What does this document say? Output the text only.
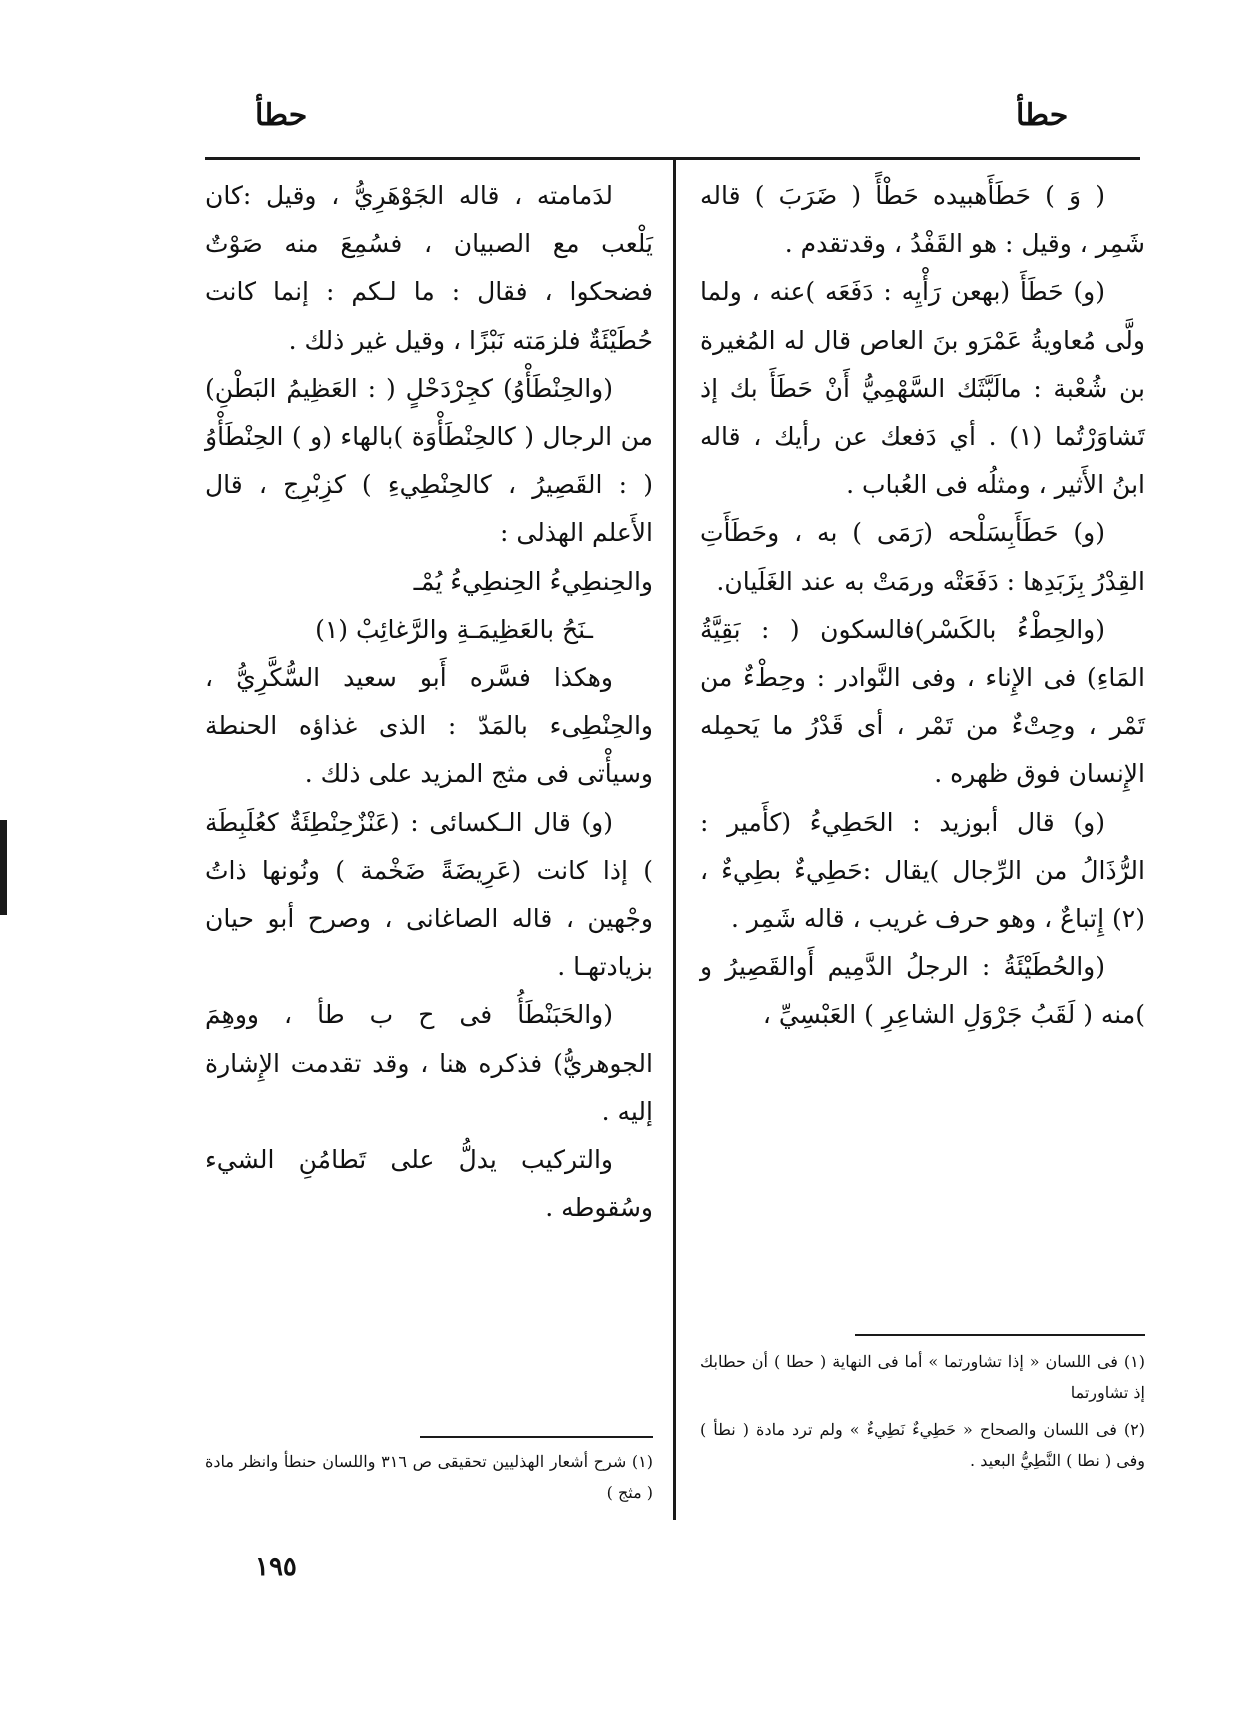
حطأ
حطأ

( وَ ) حَطَأَهبيده حَطْأً ( ضَرَبَ ) قاله شَمِر ، وقيل : هو القَفْدُ ، وقدتقدم .

(و) حَطَأَ (بهعن رَأْيِه : دَفَعَه )عنه ، ولما ولَّى مُعاويةُ عَمْرَو بنَ العاص قال له المُغيرة بن شُعْبة : مالَبَّثَك السَّهْمِيُّ أَنْ حَطَأَ بك إذ تَشاوَرْتُما (١) . أي دَفعك عن رأيك ، قاله ابنُ الأَثير ، ومثلُه فى العُباب .

(و) حَطَأَبِسَلْحه (رَمَى ) به ، وحَطَأَتِ القِدْرُ بِزَبَدِها : دَفَعَتْه ورمَتْ به عند الغَلَيان.

(والحِطْءُ بالكَسْر)فالسكون ( : بَقِيَّةُ المَاءِ) فى الإِناء ، وفى النَّوادر : وحِطْءٌ من تَمْر ، وحِتْءٌ من تَمْر ، أى قَدْرُ ما يَحمِله الإِنسان فوق ظهره .

(و) قال أبوزيد : الحَطِيءُ (كأَمير : الرُّذَالُ من الرِّجال )يقال :حَطِيءٌ بطِيءٌ ،(٢) إِتباعٌ ، وهو حرف غريب ، قاله شَمِر .

(والحُطَيْئَةُ : الرجلُ الدَّمِيم أَوالقَصِيرُ و )منه ( لَقَبُ جَرْوَلِ الشاعِرِ ) العَبْسِيِّ ،

لدَمامته ، قاله الجَوْهَرِيُّ ، وقيل :كان يَلْعب مع الصبيان ، فسُمِعَ منه صَوْتٌ فضحكوا ، فقال : ما لـكم : إنما كانت حُطَيْئَةٌ فلزمَته نَبْزًا ، وقيل غير ذلك .

(والحِنْطَأْوُ) كجِرْدَحْلٍ ( : العَظِيمُ البَطْنِ) من الرجال ( كالحِنْطَأْوَة )بالهاء (و ) الحِنْطَأْوُ ( : القَصِيرُ ، كالحِنْطِيءِ ) كزِبْرِج ، قال الأَعلم الهذلى :

والحِنطِيءُ الحِنطِيءُ يُمْـ
ـنَحُ بالعَظِيمَـةِ والرَّغائِبْ (١)

وهكذا فسَّره أَبو سعيد السُّكَّرِيُّ ، والحِنْطِىء بالمَدّ : الذى غذاؤه الحنطة وسيأْتى فى مثج المزيد على ذلك .

(و) قال الـكسائى : (عَنْزٌحِنْطِئَةٌ كعُلَبِطَة ) إذا كانت (عَرِيضَةً ضَخْمة ) ونُونها ذاتُ وجْهين ، قاله الصاغانى ، وصرح أبو حيان بزيادتهـا .

(والحَبَنْطَأُ فى ح ب طأ ، ووهِمَ الجوهريُّ) فذكره هنا ، وقد تقدمت الإِشارة إليه .

والتركيب يدلُّ على تَطامُنِ الشيء وسُقوطه .

(١) فى اللسان « إذا تشاورتما » أما فى النهاية ( حطا ) أن حطابك إذ تشاورتما

(٢) فى اللسان والصحاح « حَطِيءٌ نَطِيءٌ » ولم ترد مادة ( نطأ ) وفى ( نطا ) النَّطِيُّ البعيد .

(١) شرح أشعار الهذليين تحقيقى ص ٣١٦ واللسان حنطأ وانظر مادة ( مثج )

١٩٥
